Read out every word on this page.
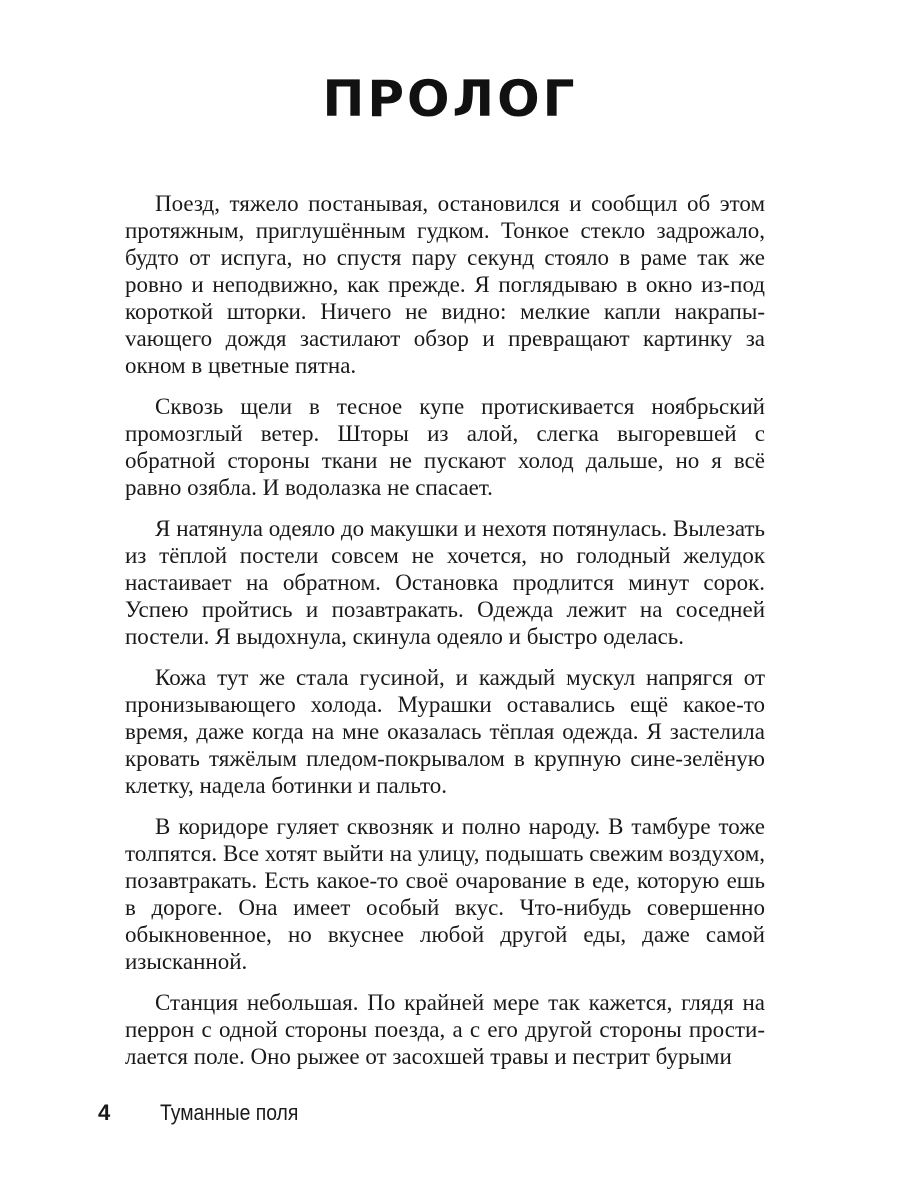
ПРОЛОГ

Поезд, тяжело постанывая, остановился и сообщил об этом протяжным, приглушённым гудком. Тонкое стекло задрожало, будто от испуга, но спустя пару секунд стояло в раме так же ровно и неподвижно, как прежде. Я поглядываю в окно из-под короткой шторки. Ничего не видно: мелкие капли накрапыvающего дождя застилают обзор и превращают картинку за окном в цветные пятна.

Сквозь щели в тесное купе протискивается ноябрьский промозглый ветер. Шторы из алой, слегка выгоревшей с обратной стороны ткани не пускают холод дальше, но я всё равно озябла. И водолазка не спасает.

Я натянула одеяло до макушки и нехотя потянулась. Вылезать из тёплой постели совсем не хочется, но голодный желудок настаивает на обратном. Остановка продлится минут сорок. Успею пройтись и позавтракать. Одежда лежит на соседней постели. Я выдохнула, скинула одеяло и быстро оделась.

Кожа тут же стала гусиной, и каждый мускул напрягся от пронизывающего холода. Мурашки оставались ещё какое-то время, даже когда на мне оказалась тёплая одежда. Я застелила кровать тяжёлым пледом-покрывалом в крупную сине-зелёную клетку, надела ботинки и пальто.

В коридоре гуляет сквозняк и полно народу. В тамбуре тоже толпятся. Все хотят выйти на улицу, подышать свежим воздухом, позавтракать. Есть какое-то своё очарование в еде, которую ешь в дороге. Она имеет особый вкус. Что-нибудь совершенно обыкновенное, но вкуснее любой другой еды, даже самой изысканной.

Станция небольшая. По крайней мере так кажется, глядя на перрон с одной стороны поезда, а с его другой стороны простилается поле. Оно рыжее от засохшей травы и пестрит бурыми

4 Туманные поля
